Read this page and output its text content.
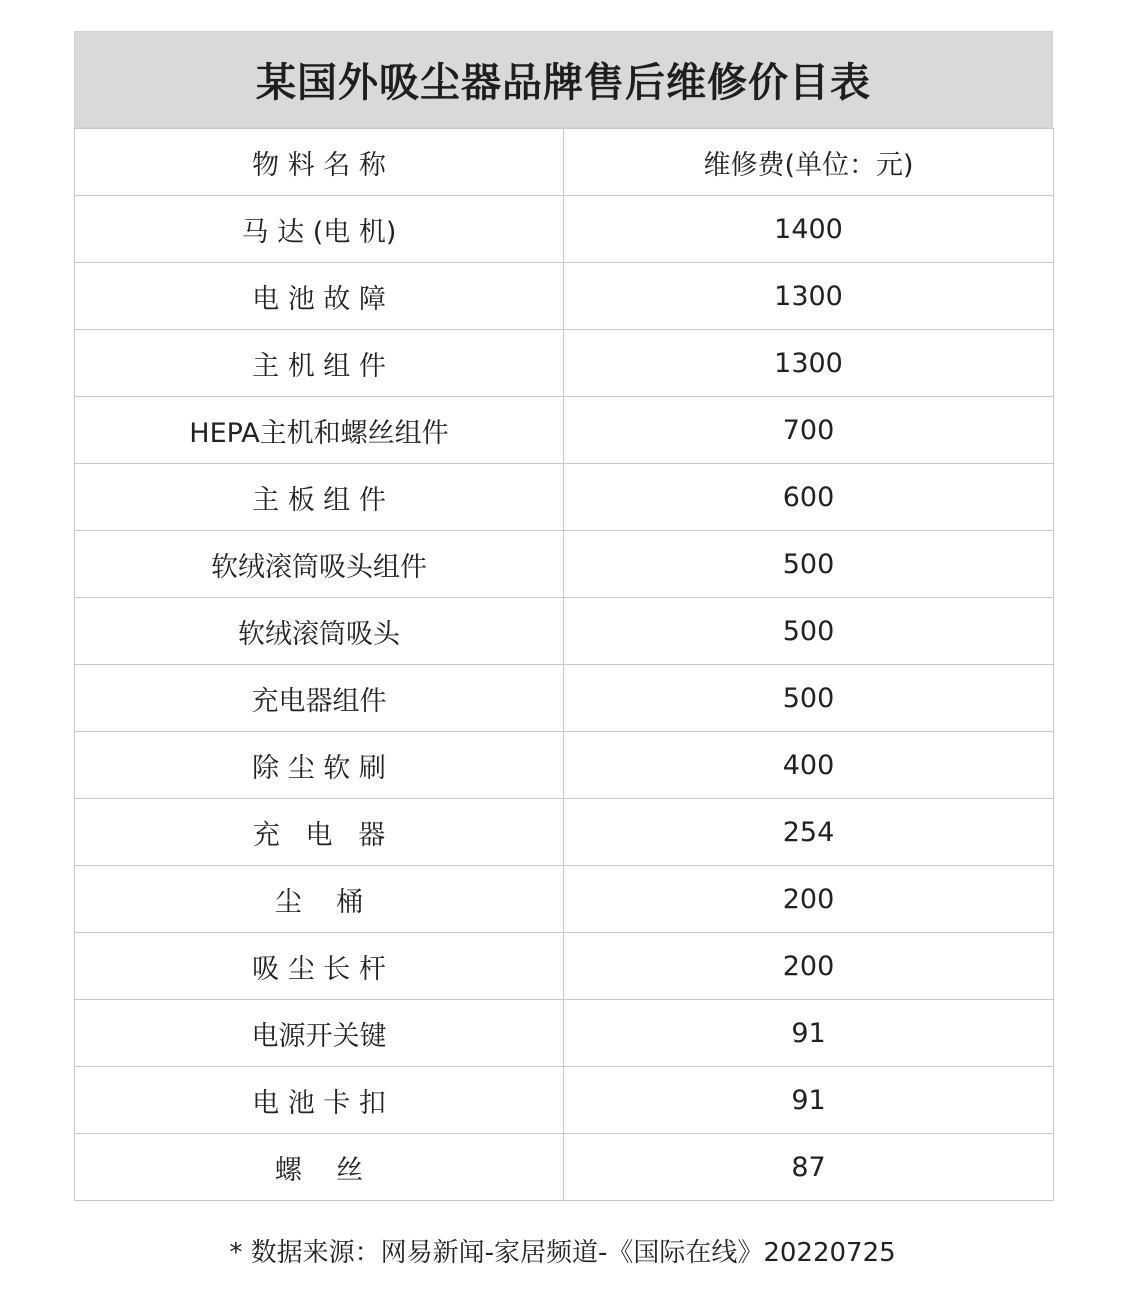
某国外吸尘器品牌售后维修价目表
物 料 名 称	维修费(单位：元)
马 达 (电 机)	1400
电 池 故 障	1300
主 机 组 件	1300
HEPA主机和螺丝组件	700
主 板 组 件	600
软绒滚筒吸头组件	500
软绒滚筒吸头	500
充电器组件	500
除 尘 软 刷	400
充   电   器	254
尘    桶	200
吸 尘 长 杆	200
电源开关键	91
电 池 卡 扣	91
螺    丝	87
* 数据来源：网易新闻-家居频道-《国际在线》20220725
